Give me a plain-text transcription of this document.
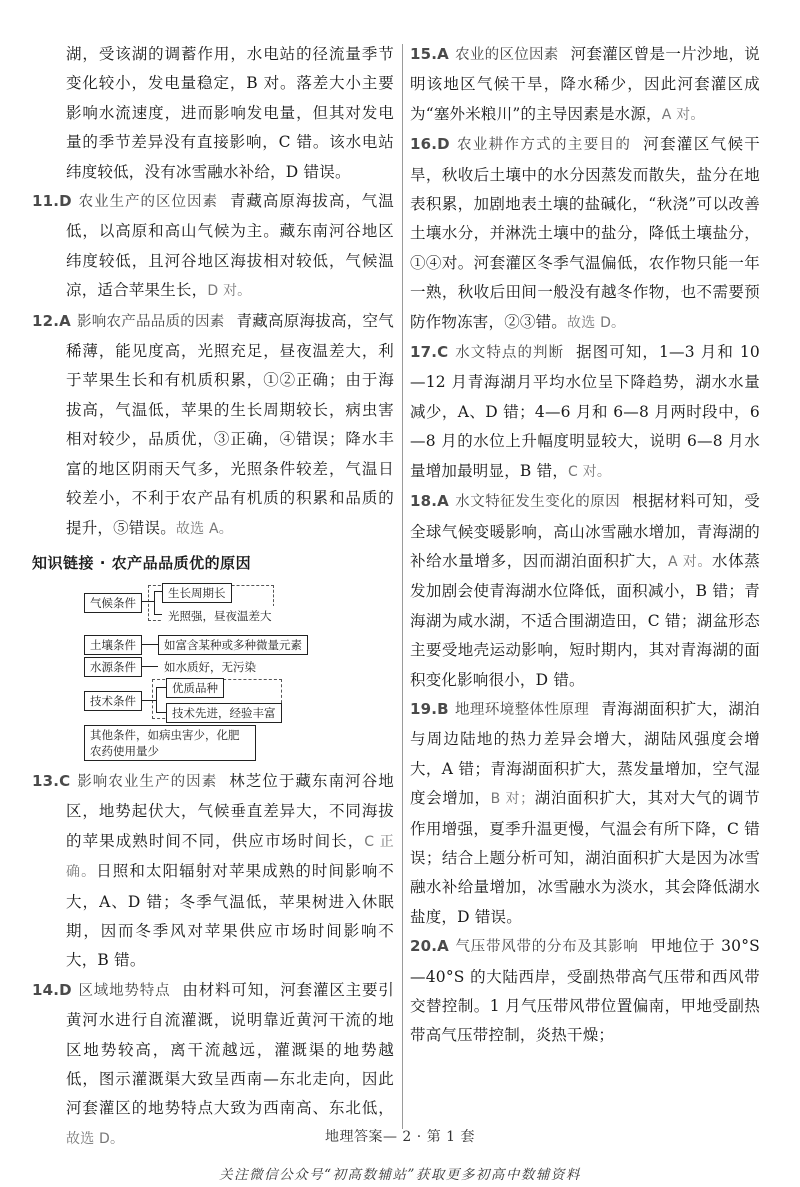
湖，受该湖的调蓄作用，水电站的径流量季节变化较小，发电量稳定，B 对。落差大小主要影响水流速度，进而影响发电量，但其对发电量的季节差异没有直接影响，C 错。该水电站纬度较低，没有冰雪融水补给，D 错误。

11.D 农业生产的区位因素 青藏高原海拔高，气温低，以高原和高山气候为主。藏东南河谷地区纬度较低，且河谷地区海拔相对较低，气候温凉，适合苹果生长，D 对。

12.A 影响农产品品质的因素 青藏高原海拔高，空气稀薄，能见度高，光照充足，昼夜温差大，利于苹果生长和有机质积累，①②正确；由于海拔高，气温低，苹果的生长周期较长，病虫害相对较少，品质优，③正确，④错误；降水丰富的地区阴雨天气多，光照条件较差，气温日较差小，不利于农产品有机质的积累和品质的提升，⑤错误。故选 A。

知识链接 · 农产品品质优的原因
气候条件
生长周期长
光照强，昼夜温差大
土壤条件	如富含某种或多种微量元素
水源条件	如水质好，无污染
技术条件
优质品种
技术先进，经验丰富
其他条件，如病虫害少，化肥农药使用量少

13.C 影响农业生产的因素 林芝位于藏东南河谷地区，地势起伏大，气候垂直差异大，不同海拔的苹果成熟时间不同，供应市场时间长，C 正确。日照和太阳辐射对苹果成熟的时间影响不大，A、D 错；冬季气温低，苹果树进入休眠期，因而冬季风对苹果供应市场时间影响不大，B 错。

14.D 区域地势特点 由材料可知，河套灌区主要引黄河水进行自流灌溉，说明靠近黄河干流的地区地势较高，离干流越远，灌溉渠的地势越低，图示灌溉渠大致呈西南—东北走向，因此河套灌区的地势特点大致为西南高、东北低，故选 D。

15.A 农业的区位因素 河套灌区曾是一片沙地，说明该地区气候干旱，降水稀少，因此河套灌区成为“塞外米粮川”的主导因素是水源，A 对。

16.D 农业耕作方式的主要目的 河套灌区气候干旱，秋收后土壤中的水分因蒸发而散失，盐分在地表积累，加剧地表土壤的盐碱化，“秋浇”可以改善土壤水分，并淋洗土壤中的盐分，降低土壤盐分，①④对。河套灌区冬季气温偏低，农作物只能一年一熟，秋收后田间一般没有越冬作物，也不需要预防作物冻害，②③错。故选 D。

17.C 水文特点的判断 据图可知，1—3 月和 10—12 月青海湖月平均水位呈下降趋势，湖水水量减少，A、D 错；4—6 月和 6—8 月两时段中，6—8 月的水位上升幅度明显较大，说明 6—8 月水量增加最明显，B 错，C 对。

18.A 水文特征发生变化的原因 根据材料可知，受全球气候变暖影响，高山冰雪融水增加，青海湖的补给水量增多，因而湖泊面积扩大，A 对。水体蒸发加剧会使青海湖水位降低，面积减小，B 错；青海湖为咸水湖，不适合围湖造田，C 错；湖盆形态主要受地壳运动影响，短时期内，其对青海湖的面积变化影响很小，D 错。

19.B 地理环境整体性原理 青海湖面积扩大，湖泊与周边陆地的热力差异会增大，湖陆风强度会增大，A 错；青海湖面积扩大，蒸发量增加，空气湿度会增加，B 对；湖泊面积扩大，其对大气的调节作用增强，夏季升温更慢，气温会有所下降，C 错误；结合上题分析可知，湖泊面积扩大是因为冰雪融水补给量增加，冰雪融水为淡水，其会降低湖水盐度，D 错误。

20.A 气压带风带的分布及其影响 甲地位于 30°S—40°S 的大陆西岸，受副热带高气压带和西风带交替控制。1 月气压带风带位置偏南，甲地受副热带高气压带控制，炎热干燥；

地理答案— 2 · 第 1 套
关注微信公众号“初高数辅站”获取更多初高中数辅资料
